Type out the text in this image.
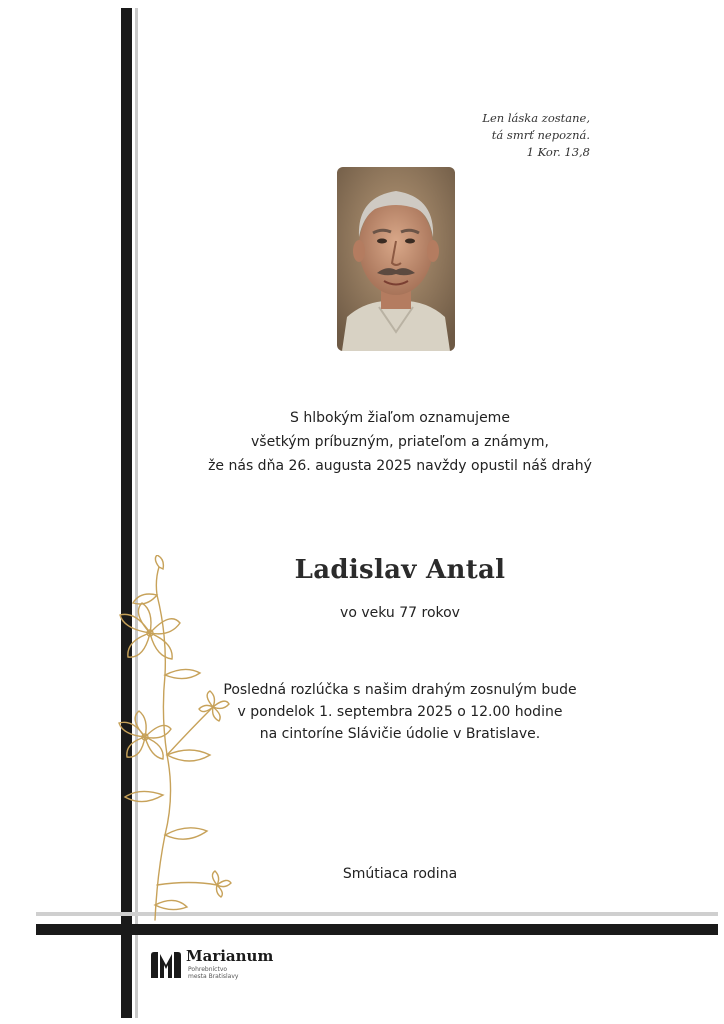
Len láska zostane,
tá smrť nepozná.
1 Kor. 13,8
S hlbokým žiaľom oznamujeme
všetkým príbuzným, priateľom a známym,
že nás dňa 26. augusta 2025 navždy opustil náš drahý
Ladislav Antal
vo veku 77 rokov
Posledná rozlúčka s našim drahým zosnulým bude
v pondelok 1. septembra 2025 o 12.00 hodine
na cintoríne Slávičie údolie v Bratislave.
Smútiaca rodina
Marianum
Pohrebníctvo
mesta Bratislavy
